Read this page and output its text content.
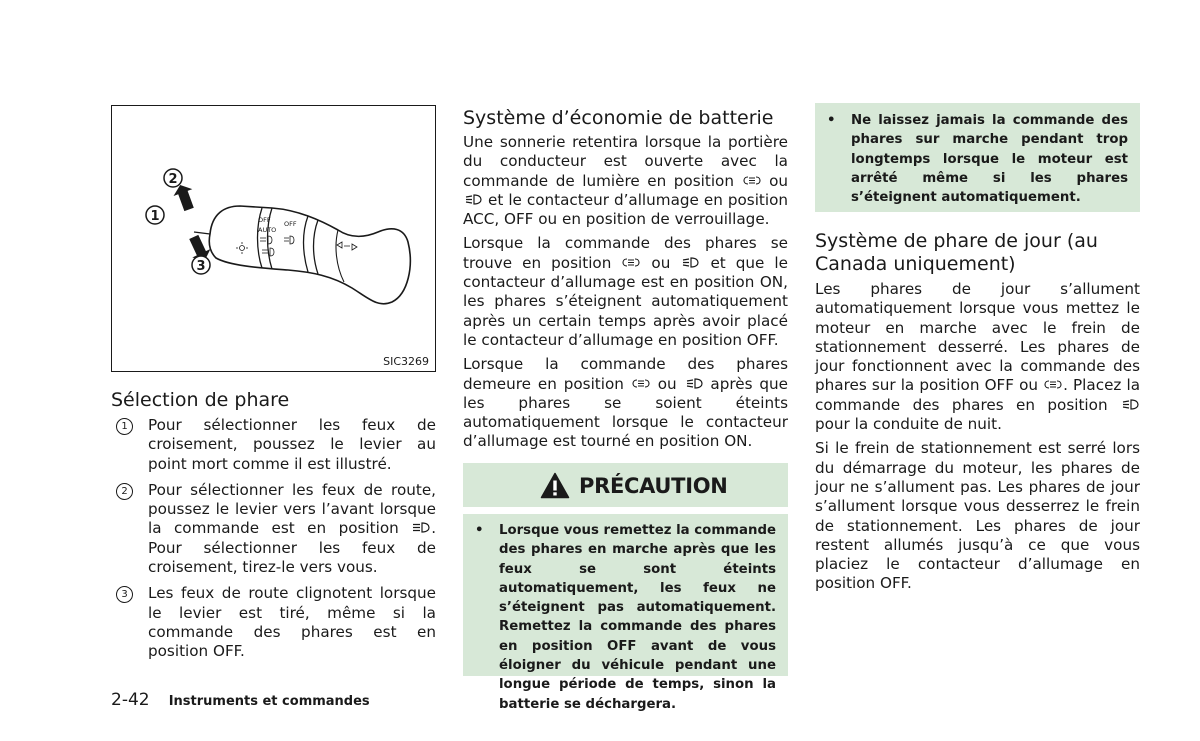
OFF
AUTO
OFF
2
1
3
SIC3269
Sélection de phare
1	Pour sélectionner les feux de croisement, poussez le levier au point mort comme il est illustré.
2	Pour sélectionner les feux de route, poussez le levier vers l’avant lorsque la commande est en position . Pour sélectionner les feux de croisement, tirez-le vers vous.
3	Les feux de route clignotent lorsque le levier est tiré, même si la commande des phares est en position OFF.
Système d’économie de batterie

Une sonnerie retentira lorsque la portière du conducteur est ouverte avec la commande de lumière en position ou
et le contacteur d’allumage en position ACC, OFF ou en position de verrouillage.

Lorsque la commande des phares se trouve en position	ou	et que le contacteur d’allumage est en position ON, les phares s’éteignent automatiquement après un certain temps après avoir placé le contacteur d’allumage en position OFF.

Lorsque la commande des phares demeure en position ou après que les phares se soient éteints automatiquement lorsque le contacteur d’allumage est tourné en position ON.

PRÉCAUTION
• Lorsque vous remettez la commande des phares en marche après que les feux se sont éteints automatiquement, les feux ne s’éteignent pas automatiquement. Remettez la commande des phares en position OFF avant de vous éloigner du véhicule pendant une longue période de temps, sinon la batterie se déchargera.
• Ne laissez jamais la commande des phares sur marche pendant trop longtemps lorsque le moteur est arrêté même si les phares s’éteignent automatiquement.
Système de phare de jour (au Canada uniquement)

Les phares de jour s’allument automatiquement lorsque vous mettez le moteur en marche avec le frein de stationnement desserré. Les phares de jour fonctionnent avec la commande des phares sur la position OFF ou . Placez la commande des phares en position
pour la conduite de nuit.

Si le frein de stationnement est serré lors du démarrage du moteur, les phares de jour ne s’allument pas. Les phares de jour s’allument lorsque vous desserrez le frein de stationnement. Les phares de jour restent allumés jusqu’à ce que vous placiez le contacteur d’allumage en position OFF.

2-42 Instruments et commandes
